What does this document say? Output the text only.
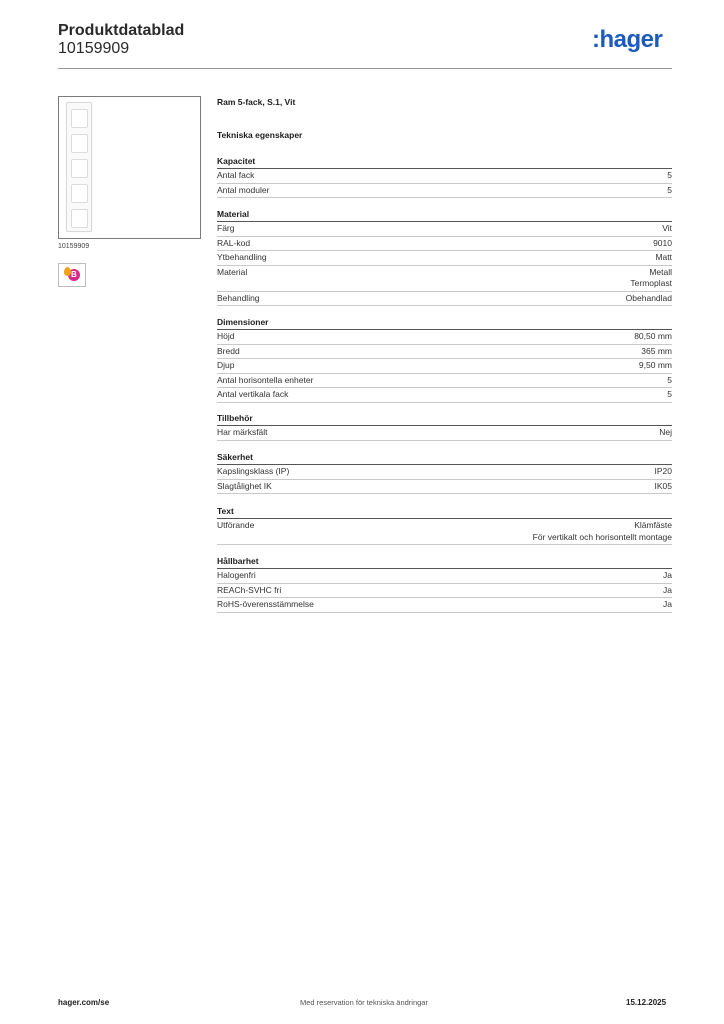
Produktdatablad
10159909	:hager
10159909
B
Ram 5-fack, S.1, Vit
Tekniska egenskaper
Kapacitet
Antal fack	5
Antal moduler	5
Material
Färg	Vit
RAL-kod	9010
Ytbehandling	Matt
Material	Metall
Termoplast
Behandling	Obehandlad
Dimensioner
Höjd	80,50 mm
Bredd	365 mm
Djup	9,50 mm
Antal horisontella enheter	5
Antal vertikala fack	5
Tillbehör
Har märksfält	Nej
Säkerhet
Kapslingsklass (IP)	IP20
Slagtålighet IK	IK05
Text
Utförande	Klämfäste
För vertikalt och horisontellt montage
Hållbarhet
Halogenfri	Ja
REACh-SVHC fri	Ja
RoHS-överensstämmelse	Ja
hager.com/se	Med reservation för tekniska ändringar	15.12.2025
